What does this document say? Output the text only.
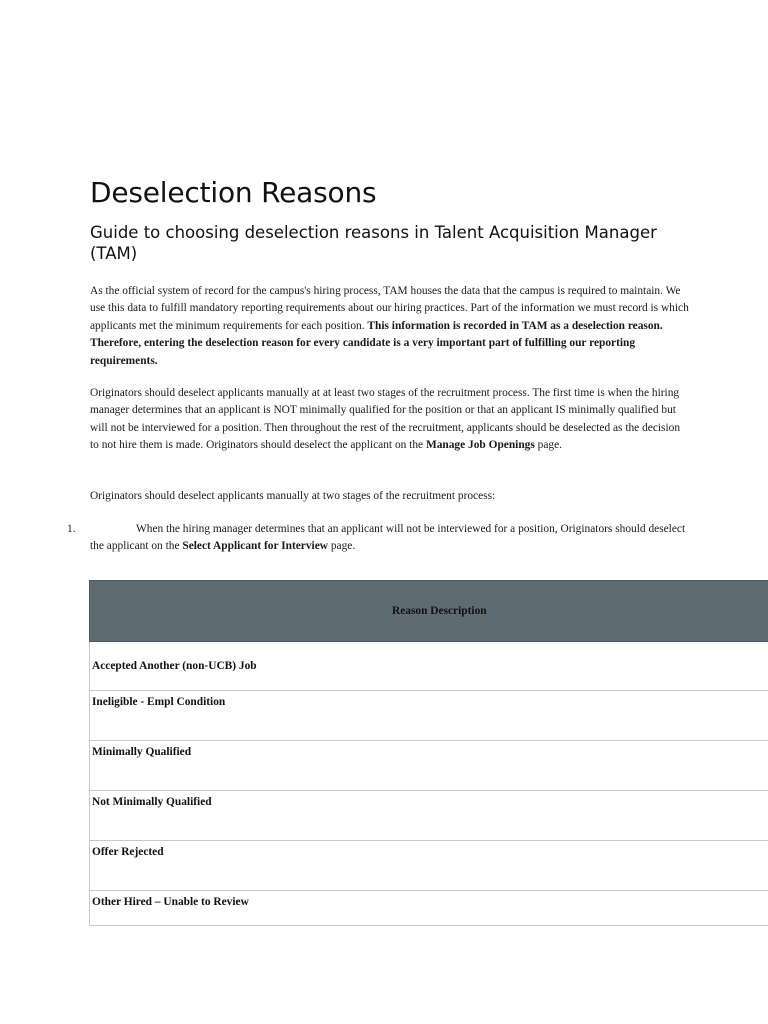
Deselection Reasons
Guide to choosing deselection reasons in Talent Acquisition Manager (TAM)

As the official system of record for the campus's hiring process, TAM houses the data that the campus is required to maintain. We use this data to fulfill mandatory reporting requirements about our hiring practices. Part of the information we must record is which applicants met the minimum requirements for each position. This information is recorded in TAM as a deselection reason. Therefore, entering the deselection reason for every candidate is a very important part of fulfilling our reporting requirements.

Originators should deselect applicants manually at at least two stages of the recruitment process. The first time is when the hiring manager determines that an applicant is NOT minimally qualified for the position or that an applicant IS minimally qualified but will not be interviewed for a position. Then throughout the rest of the recruitment, applicants should be deselected as the decision to not hire them is made. Originators should deselect the applicant on the Manage Job Openings page.

Originators should deselect applicants manually at two stages of the recruitment process:

1.	When the hiring manager determines that an applicant will not be interviewed for a position, Originators should deselect the applicant on the Select Applicant for Interview page.

Reason Description

Accepted Another (non-UCB) Job
Ineligible - Empl Condition
Minimally Qualified
Not Minimally Qualified
Offer Rejected
Other Hired – Unable to Review
